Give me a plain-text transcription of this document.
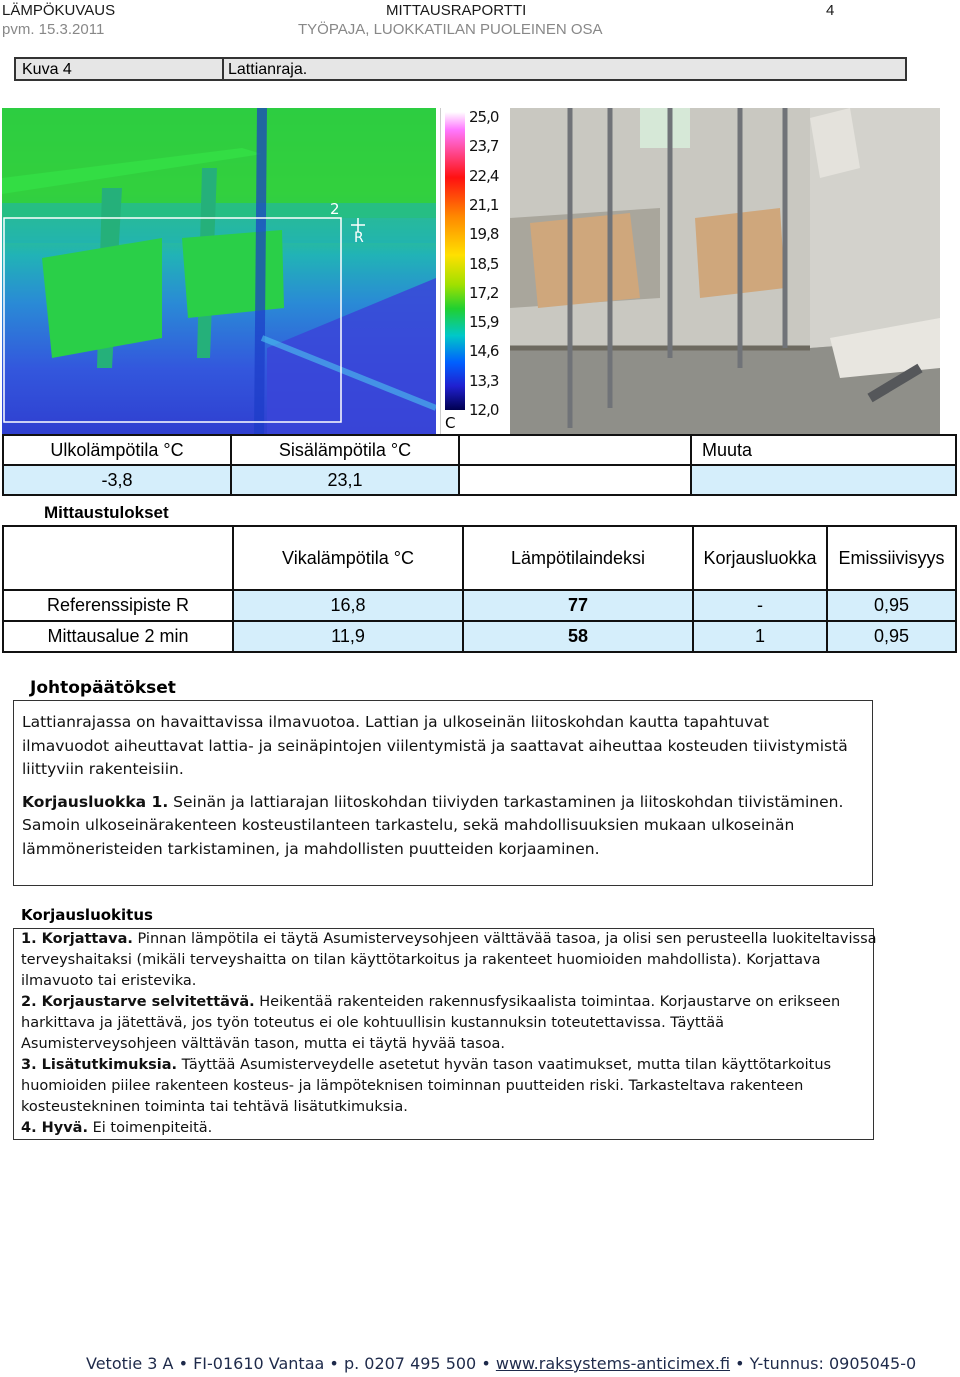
LÄMPÖKUVAUS
pvm. 15.3.2011
MITTAUSRAPORTTI
TYÖPAJA, LUOKKATILAN PUOLEINEN OSA
4
Kuva 4	Lattianraja.
2
R
25,0
23,7
22,4
21,1
19,8
18,5
17,2
15,9
14,6
13,3
12,0
C
Ulkolämpötila °C	Sisälämpötila °C		Muuta
-3,8	23,1		
Mittaustulokset
	Vikalämpötila °C	Lämpötilaindeksi	Korjausluokka	Emissiivisyys
Referenssipiste R	16,8	77	-	0,95
Mittausalue 2 min	11,9	58	1	0,95
Johtopäätökset
Lattianrajassa on havaittavissa ilmavuotoa. Lattian ja ulkoseinän liitoskohdan kautta tapahtuvat
ilmavuodot aiheuttavat lattia- ja seinäpintojen viilentymistä ja saattavat aiheuttaa kosteuden tiivistymistä
liittyviin rakenteisiin.
Korjausluokka 1. Seinän ja lattiarajan liitoskohdan tiiviyden tarkastaminen ja liitoskohdan tiivistäminen.
Samoin ulkoseinärakenteen kosteustilanteen tarkastelu, sekä mahdollisuuksien mukaan ulkoseinän
lämmöneristeiden tarkistaminen, ja mahdollisten puutteiden korjaaminen.
Korjausluokitus
1. Korjattava. Pinnan lämpötila ei täytä Asumisterveysohjeen välttävää tasoa, ja olisi sen perusteella luokiteltavissa
terveyshaitaksi (mikäli terveyshaitta on tilan käyttötarkoitus ja rakenteet huomioiden mahdollista). Korjattava
ilmavuoto tai eristevika.
2. Korjaustarve selvitettävä. Heikentää rakenteiden rakennusfysikaalista toimintaa. Korjaustarve on erikseen
harkittava ja jätettävä, jos työn toteutus ei ole kohtuullisin kustannuksin toteutettavissa. Täyttää
Asumisterveysohjeen välttävän tason, mutta ei täytä hyvää tasoa.
3. Lisätutkimuksia. Täyttää Asumisterveydelle asetetut hyvän tason vaatimukset, mutta tilan käyttötarkoitus
huomioiden piilee rakenteen kosteus- ja lämpöteknisen toiminnan puutteiden riski. Tarkasteltava rakenteen
kosteustekninen toiminta tai tehtävä lisätutkimuksia.
4. Hyvä. Ei toimenpiteitä.
Vetotie 3 A • FI-01610 Vantaa • p. 0207 495 500 • www.raksystems-anticimex.fi • Y-tunnus: 0905045-0
